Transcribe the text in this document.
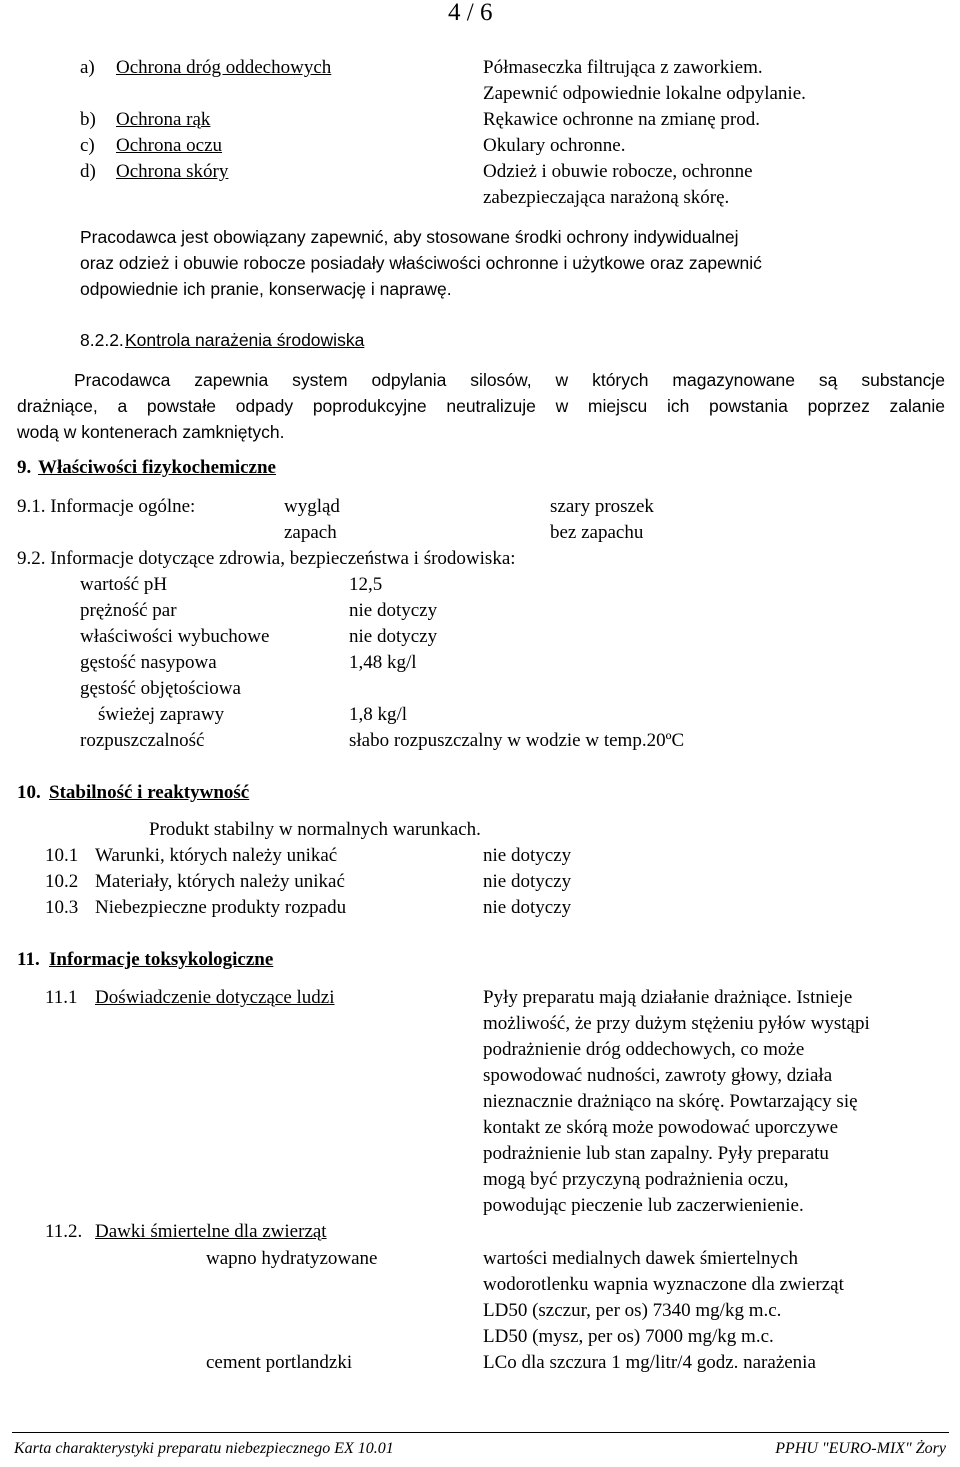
4 / 6
a) Ochrona dróg oddechowych	Półmaseczka filtrująca z zaworkiem.
Zapewnić odpowiednie lokalne odpylanie.
b) Ochrona rąk	Rękawice ochronne na zmianę prod.
c) Ochrona oczu	Okulary ochronne.
d) Ochrona skóry	Odzież i obuwie robocze, ochronne
zabezpieczająca narażoną skórę.
Pracodawca jest obowiązany zapewnić, aby stosowane środki ochrony indywidualnej
oraz odzież i obuwie robocze posiadały właściwości ochronne i użytkowe oraz zapewnić
odpowiednie ich pranie, konserwację i naprawę.
8.2.2. Kontrola narażenia środowiska
Pracodawca zapewnia system odpylania silosów, w których magazynowane są substancje
drażniące, a powstałe odpady poprodukcyjne neutralizuje w miejscu ich powstania poprzez zalanie
wodą w kontenerach zamkniętych.
9. Właściwości fizykochemiczne
9.1. Informacje ogólne:	wygląd	szary proszek
zapach	bez zapachu
9.2. Informacje dotyczące zdrowia, bezpieczeństwa i środowiska:
wartość pH	12,5
prężność par	nie dotyczy
właściwości wybuchowe	nie dotyczy
gęstość nasypowa	1,48 kg/l
gęstość objętościowa
świeżej zaprawy	1,8 kg/l
rozpuszczalność	słabo rozpuszczalny w wodzie w temp.20ºC
10. Stabilność i reaktywność
Produkt stabilny w normalnych warunkach.
10.1 Warunki, których należy unikać	nie dotyczy
10.2 Materiały, których należy unikać	nie dotyczy
10.3 Niebezpieczne produkty rozpadu	nie dotyczy
11. Informacje toksykologiczne
11.1 Doświadczenie dotyczące ludzi	Pyły preparatu mają działanie drażniące. Istnieje
możliwość, że przy dużym stężeniu pyłów wystąpi
podrażnienie dróg oddechowych, co może
spowodować nudności, zawroty głowy, działa
nieznacznie drażniąco na skórę. Powtarzający się
kontakt ze skórą może powodować uporczywe
podrażnienie lub stan zapalny. Pyły preparatu
mogą być przyczyną podrażnienia oczu,
powodując pieczenie lub zaczerwienienie.
11.2. Dawki śmiertelne dla zwierząt
wapno hydratyzowane	wartości medialnych dawek śmiertelnych
wodorotlenku wapnia wyznaczone dla zwierząt
LD50 (szczur, per os) 7340 mg/kg m.c.
LD50 (mysz, per os) 7000 mg/kg m.c.
cement portlandzki	LCo dla szczura 1 mg/litr/4 godz. narażenia
Karta charakterystyki preparatu niebezpiecznego EX 10.01	PPHU "EURO-MIX" Żory
